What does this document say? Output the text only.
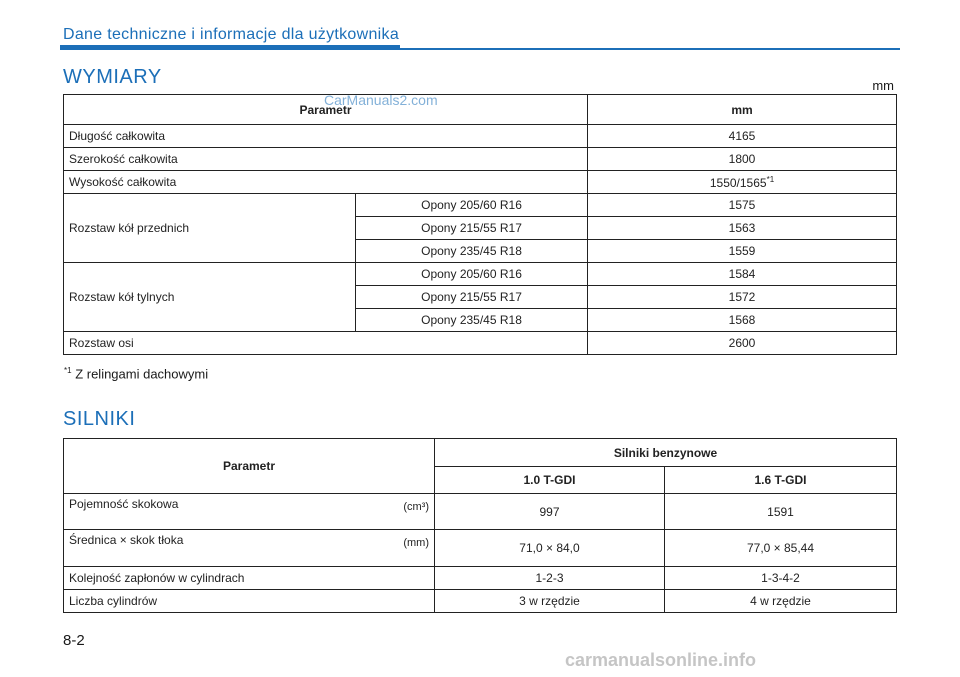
Dane techniczne i informacje dla użytkownika
WYMIARY	mm
Parametr		mm
Długość całkowita		4165
Szerokość całkowita		1800
Wysokość całkowita		1550/1565$^{*1}$
Rozstaw kół przednich	Opony 205/60 R16	1575
	Opony 215/55 R17	1563
	Opony 235/45 R18	1559
Rozstaw kół tylnych	Opony 205/60 R16	1584
	Opony 215/55 R17	1572
	Opony 235/45 R18	1568
Rozstaw osi		2600
$^{*1}$ Z relingami dachowymi
SILNIKI
Parametr	Silniki benzynowe	
	1.0 T-GDI	1.6 T-GDI
Pojemność skokowa (cm³)	997	1591
Średnica × skok tłoka (mm)	71,0 × 84,0	77,0 × 85,44
Kolejność zapłonów w cylindrach	1-2-3	1-3-4-2
Liczba cylindrów	3 w rzędzie	4 w rzędzie
8-2
CarManuals2.com
carmanualsonline.info
